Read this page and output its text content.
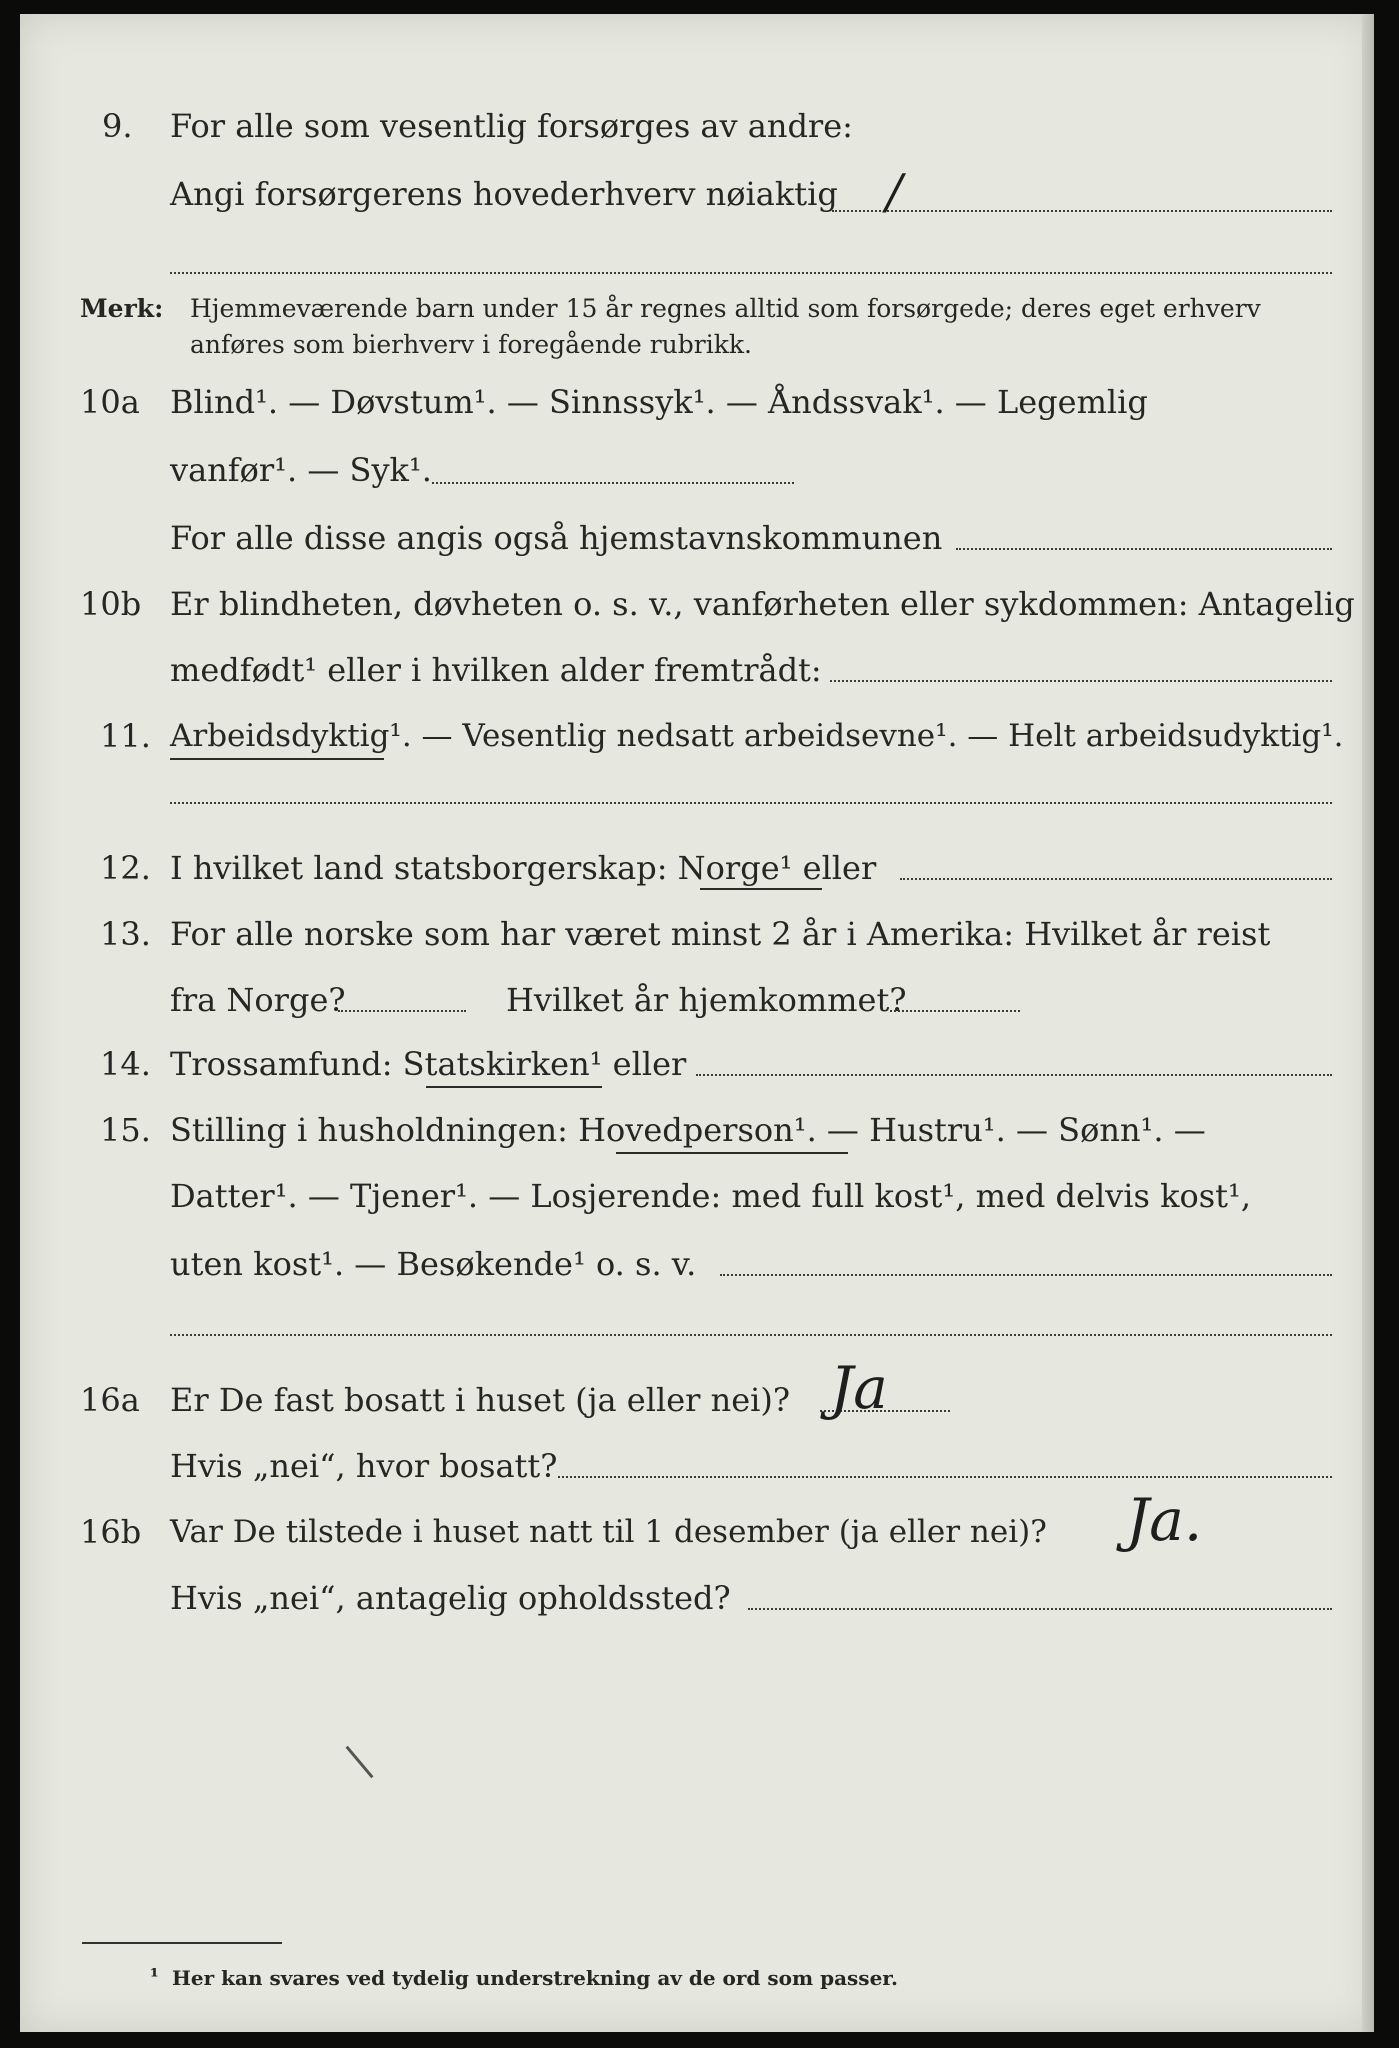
9. For alle som vesentlig forsørges av andre:
Angi forsørgerens hovederhverv nøiaktig /
Merk: Hjemmeværende barn under 15 år regnes alltid som forsørgede; deres eget erhverv
anføres som bierhverv i foregående rubrikk.
10a Blind¹. — Døvstum¹. — Sinnssyk¹. — Åndssvak¹. — Legemlig
vanfør¹. — Syk¹.
For alle disse angis også hjemstavnskommunen
10b Er blindheten, døvheten o. s. v., vanførheten eller sykdommen: Antagelig
medfødt¹ eller i hvilken alder fremtrådt:
11. Arbeidsdyktig¹. — Vesentlig nedsatt arbeidsevne¹. — Helt arbeidsudyktig¹.
12. I hvilket land statsborgerskap: Norge¹ eller
13. For alle norske som har været minst 2 år i Amerika: Hvilket år reist
fra Norge?	Hvilket år hjemkommet?
14. Trossamfund: Statskirken¹ eller
15. Stilling i husholdningen: Hovedperson¹. — Hustru¹. — Sønn¹. —
Datter¹. — Tjener¹. — Losjerende: med full kost¹, med delvis kost¹,
uten kost¹. — Besøkende¹ o. s. v.
16a Er De fast bosatt i huset (ja eller nei)? Ja
Hvis „nei“, hvor bosatt?
16b Var De tilstede i huset natt til 1 desember (ja eller nei)? Ja.
Hvis „nei“, antagelig opholdssted?
¹ Her kan svares ved tydelig understrekning av de ord som passer.
